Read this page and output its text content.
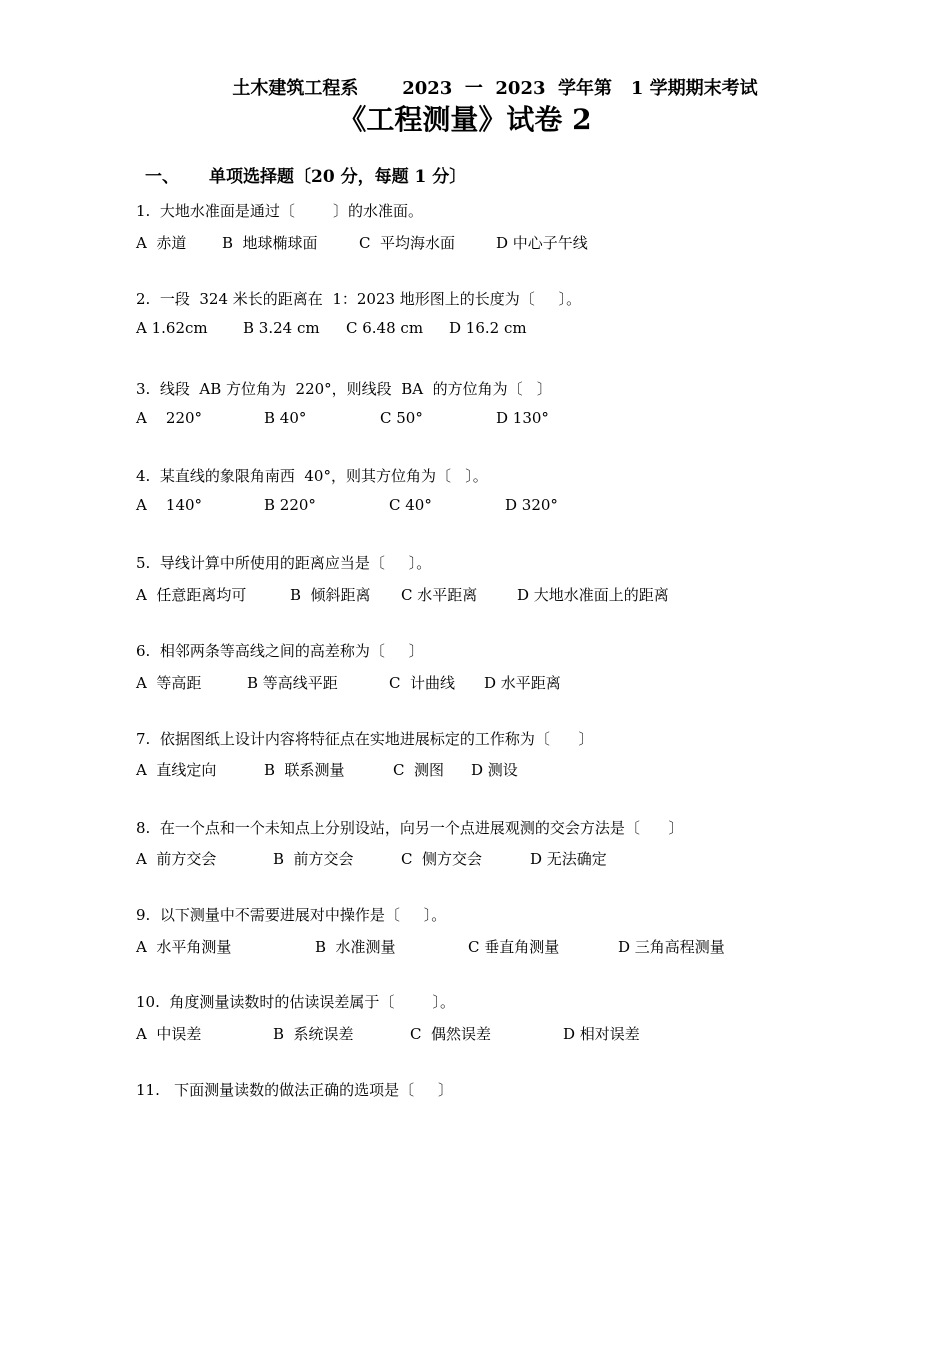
土木建筑工程系       2023  一  2023  学年第   1 学期期末考试
《工程测量》试卷 2
一、 单项选择题〔20 分，每题 1 分〕
1.  大地水准面是通过〔        〕的水准面。
A  赤道 B  地球椭球面	C  平均海水面	D 中心子午线
2.  一段  324 米长的距离在  1：2023 地形图上的长度为〔     〕。
A 1.62cm B 3.24 cm C 6.48 cm D 16.2 cm
3.  线段  AB 方位角为  220°，则线段  BA  的方位角为〔   〕
A    220°	B 40°	C 50°	D 130°
4.  某直线的象限角南西  40°，则其方位角为〔   〕。
A    140°	B 220°	C 40°	D 320°
5.  导线计算中所使用的距离应当是〔     〕。
A  任意距离均可	B  倾斜距离 C 水平距离	D 大地水准面上的距离
6.  相邻两条等高线之间的高差称为〔     〕
A  等高距	B 等高线平距	C  计曲线 D 水平距离
7.  依据图纸上设计内容将特征点在实地进展标定的工作称为〔      〕
A  直线定向	B  联系测量	C  测图 D 测设
8.  在一个点和一个未知点上分别设站，向另一个点进展观测的交会方法是〔      〕
A  前方交会	B  前方交会	C  侧方交会	D 无法确定
9.  以下测量中不需要进展对中操作是〔     〕。
A  水平角测量	B  水准测量	C 垂直角测量	D 三角高程测量
10.  角度测量读数时的估读误差属于〔        〕。
A  中误差	B  系统误差	C  偶然误差	D 相对误差
11.   下面测量读数的做法正确的选项是〔     〕
